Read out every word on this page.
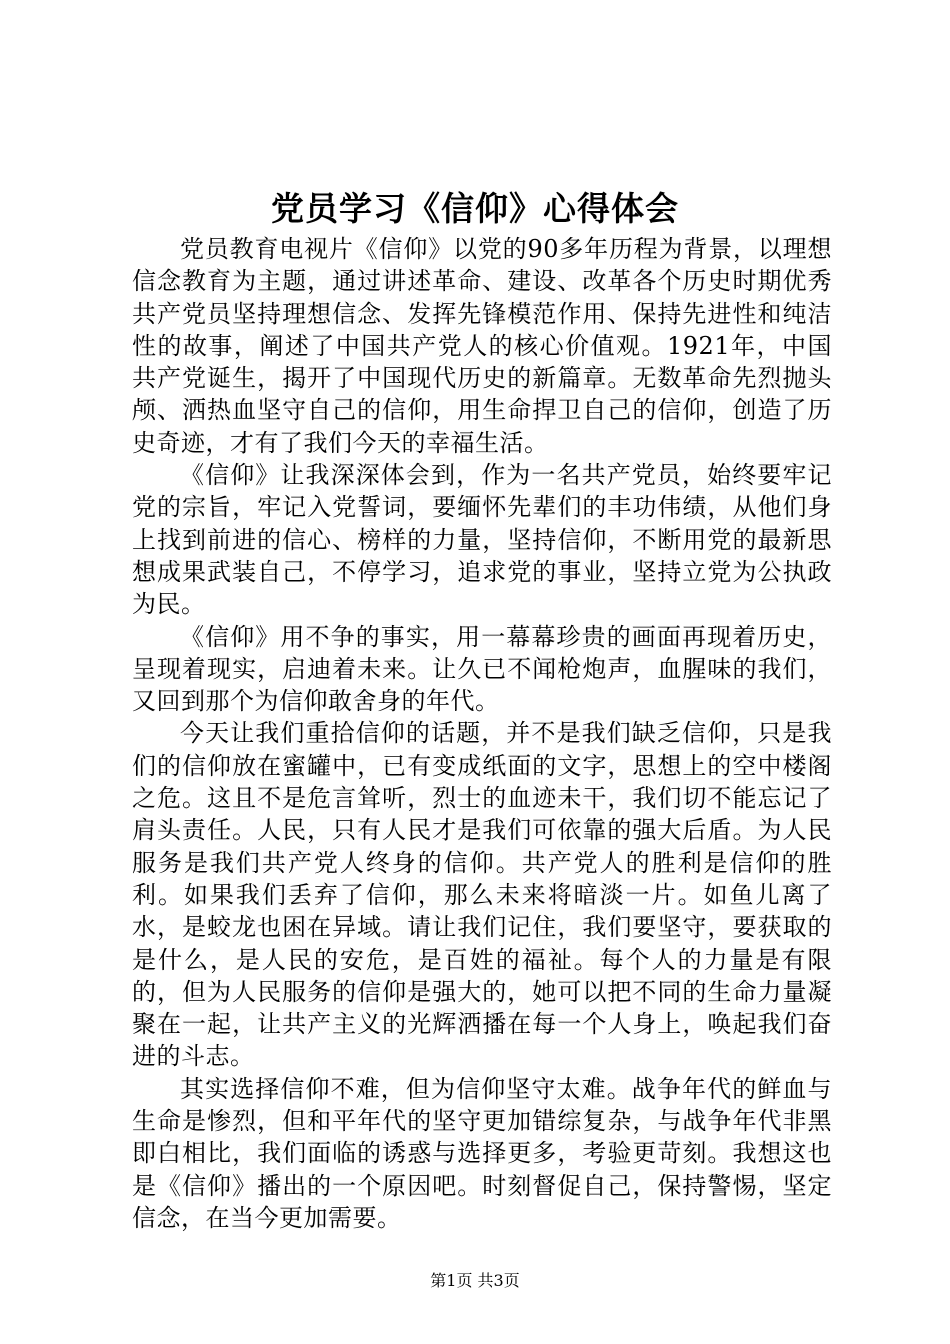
党员学习《信仰》心得体会

党员教育电视片《信仰》以党的90多年历程为背景，以理想信念教育为主题，通过讲述革命、建设、改革各个历史时期优秀共产党员坚持理想信念、发挥先锋模范作用、保持先进性和纯洁性的故事，阐述了中国共产党人的核心价值观。1921年，中国共产党诞生，揭开了中国现代历史的新篇章。无数革命先烈抛头颅、洒热血坚守自己的信仰，用生命捍卫自己的信仰，创造了历史奇迹，才有了我们今天的幸福生活。

《信仰》让我深深体会到，作为一名共产党员，始终要牢记党的宗旨，牢记入党誓词，要缅怀先辈们的丰功伟绩，从他们身上找到前进的信心、榜样的力量，坚持信仰，不断用党的最新思想成果武装自己，不停学习，追求党的事业，坚持立党为公执政为民。

《信仰》用不争的事实，用一幕幕珍贵的画面再现着历史，呈现着现实，启迪着未来。让久已不闻枪炮声，血腥味的我们，又回到那个为信仰敢舍身的年代。

今天让我们重拾信仰的话题，并不是我们缺乏信仰，只是我们的信仰放在蜜罐中，已有变成纸面的文字，思想上的空中楼阁之危。这且不是危言耸听，烈士的血迹未干，我们切不能忘记了肩头责任。人民，只有人民才是我们可依靠的强大后盾。为人民服务是我们共产党人终身的信仰。共产党人的胜利是信仰的胜利。如果我们丢弃了信仰，那么未来将暗淡一片。如鱼儿离了水，是蛟龙也困在异域。请让我们记住，我们要坚守，要获取的是什么，是人民的安危，是百姓的福祉。每个人的力量是有限的，但为人民服务的信仰是强大的，她可以把不同的生命力量凝聚在一起，让共产主义的光辉洒播在每一个人身上，唤起我们奋进的斗志。

其实选择信仰不难，但为信仰坚守太难。战争年代的鲜血与生命是惨烈，但和平年代的坚守更加错综复杂，与战争年代非黑即白相比，我们面临的诱惑与选择更多，考验更苛刻。我想这也是《信仰》播出的一个原因吧。时刻督促自己，保持警惕，坚定信念，在当今更加需要。

第1页 共3页
